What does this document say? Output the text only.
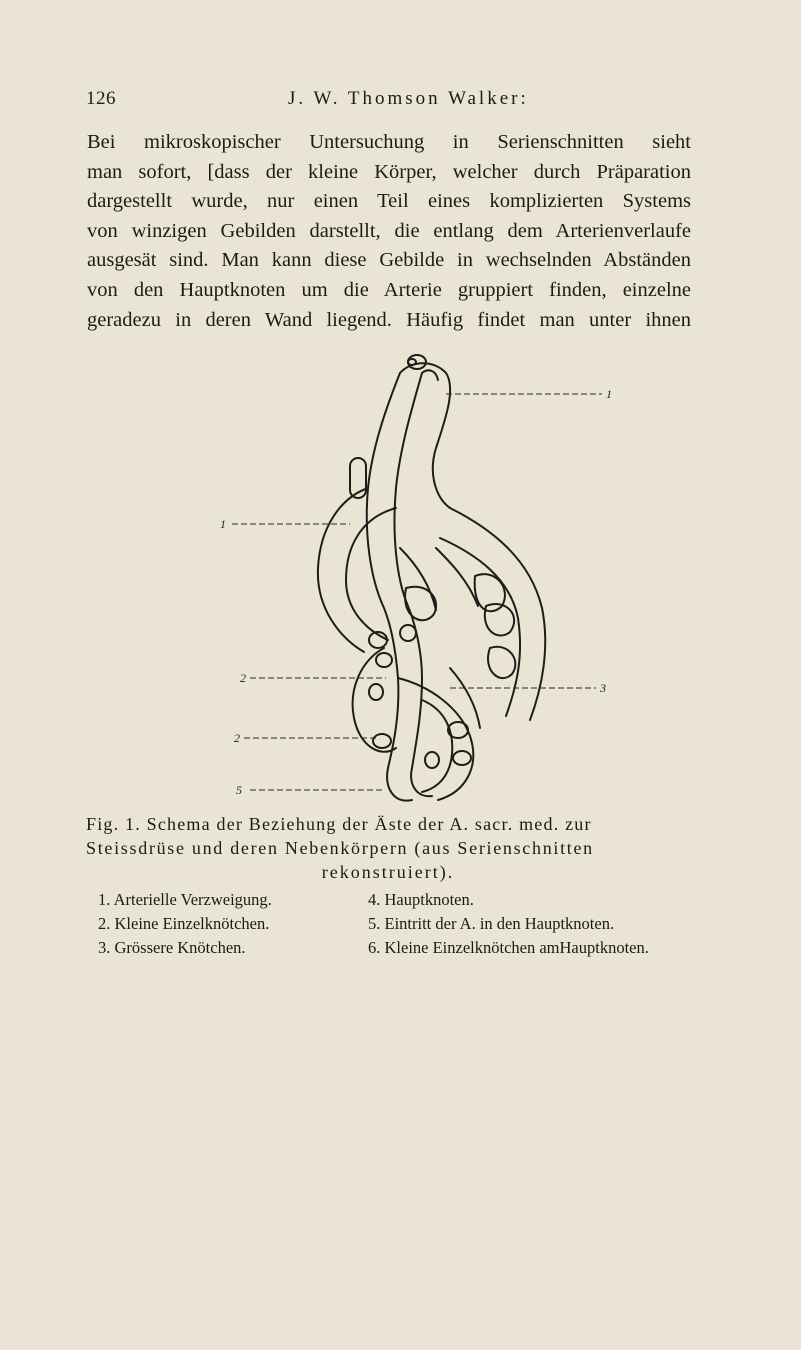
126	J. W. Thomson Walker:
Bei mikroskopischer Untersuchung in Serienschnitten sieht
man sofort, [dass der kleine Körper, welcher durch Präparation
dargestellt wurde, nur einen Teil eines komplizierten Systems
von winzigen Gebilden darstellt, die entlang dem Arterienverlaufe
ausgesät sind. Man kann diese Gebilde in wechselnden Abständen
von den Hauptknoten um die Arterie gruppiert finden, einzelne
geradezu in deren Wand liegend. Häufig findet man unter ihnen
1
1
2
2
3
5
Fig. 1. Schema der Beziehung der Äste der A. sacr. med. zur
Steissdrüse und deren Nebenkörpern (aus Serienschnitten
rekonstruiert).
1. Arterielle Verzweigung.
2. Kleine Einzelknötchen.
3. Grössere Knötchen.
4. Hauptknoten.
5. Eintritt der A. in den Hauptknoten.
6. Kleine Einzelknötchen amHauptknoten.
